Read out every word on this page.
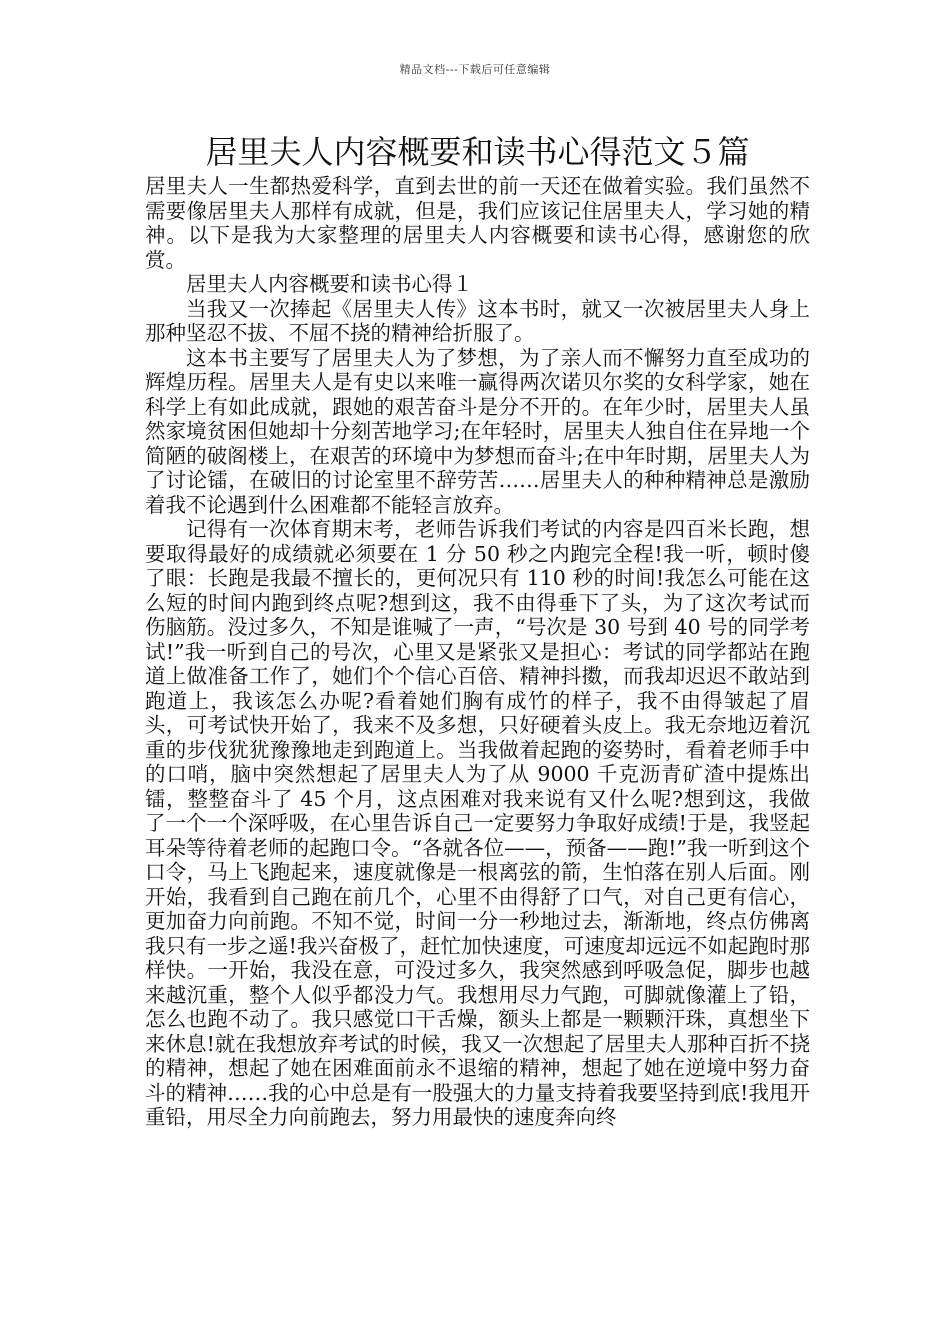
精品文档---下载后可任意编辑
居里夫人内容概要和读书心得范文５篇

居里夫人一生都热爱科学，直到去世的前一天还在做着实验。我们虽然不需要像居里夫人那样有成就，但是，我们应该记住居里夫人，学习她的精神。以下是我为大家整理的居里夫人内容概要和读书心得，感谢您的欣赏。

居里夫人内容概要和读书心得１

当我又一次捧起《居里夫人传》这本书时，就又一次被居里夫人身上那种坚忍不拔、不屈不挠的精神给折服了。

这本书主要写了居里夫人为了梦想，为了亲人而不懈努力直至成功的辉煌历程。居里夫人是有史以来唯一赢得两次诺贝尔奖的女科学家，她在科学上有如此成就，跟她的艰苦奋斗是分不开的。在年少时，居里夫人虽然家境贫困但她却十分刻苦地学习;在年轻时，居里夫人独自住在异地一个简陋的破阁楼上，在艰苦的环境中为梦想而奋斗;在中年时期，居里夫人为了讨论镭，在破旧的讨论室里不辞劳苦……居里夫人的种种精神总是激励着我不论遇到什么困难都不能轻言放弃。

记得有一次体育期末考，老师告诉我们考试的内容是四百米长跑，想要取得最好的成绩就必须要在 1 分 50 秒之内跑完全程!我一听，顿时傻了眼：长跑是我最不擅长的，更何况只有 110 秒的时间!我怎么可能在这么短的时间内跑到终点呢?想到这，我不由得垂下了头，为了这次考试而伤脑筋。没过多久，不知是谁喊了一声，“号次是 30 号到 40 号的同学考试!”我一听到自己的号次，心里又是紧张又是担心：考试的同学都站在跑道上做准备工作了，她们个个信心百倍、精神抖擞，而我却迟迟不敢站到跑道上，我该怎么办呢?看着她们胸有成竹的样子，我不由得皱起了眉头，可考试快开始了，我来不及多想，只好硬着头皮上。我无奈地迈着沉重的步伐犹犹豫豫地走到跑道上。当我做着起跑的姿势时，看着老师手中的口哨，脑中突然想起了居里夫人为了从 9000 千克沥青矿渣中提炼出镭，整整奋斗了 45 个月，这点困难对我来说有又什么呢?想到这，我做了一个一个深呼吸，在心里告诉自己一定要努力争取好成绩!于是，我竖起耳朵等待着老师的起跑口令。“各就各位——，预备——跑!”我一听到这个口令，马上飞跑起来，速度就像是一根离弦的箭，生怕落在别人后面。刚开始，我看到自己跑在前几个，心里不由得舒了口气，对自己更有信心，更加奋力向前跑。不知不觉，时间一分一秒地过去，渐渐地，终点仿佛离我只有一步之遥!我兴奋极了，赶忙加快速度，可速度却远远不如起跑时那样快。一开始，我没在意，可没过多久，我突然感到呼吸急促，脚步也越来越沉重，整个人似乎都没力气。我想用尽力气跑，可脚就像灌上了铅，怎么也跑不动了。我只感觉口干舌燥，额头上都是一颗颗汗珠，真想坐下来休息!就在我想放弃考试的时候，我又一次想起了居里夫人那种百折不挠的精神，想起了她在困难面前永不退缩的精神，想起了她在逆境中努力奋斗的精神……我的心中总是有一股强大的力量支持着我要坚持到底!我甩开重铅，用尽全力向前跑去，努力用最快的速度奔向终
